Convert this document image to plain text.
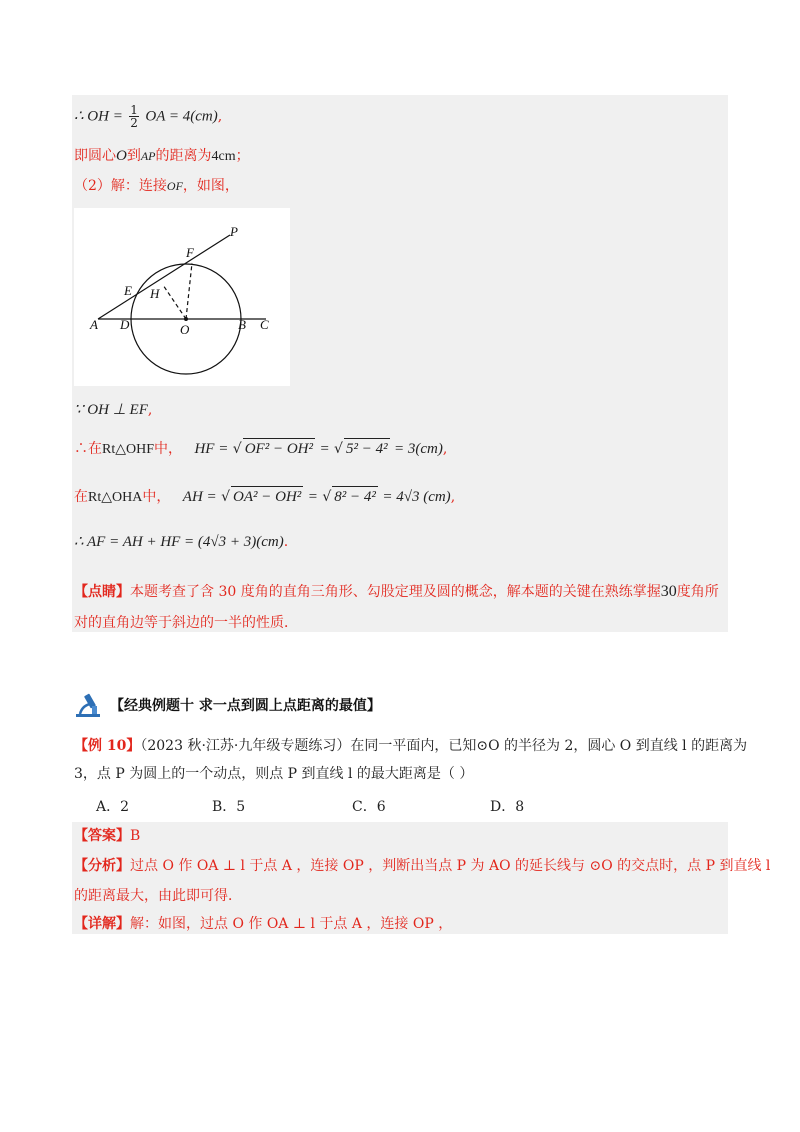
∴ OH = $\frac{1}{2}$ OA = 4(cm),
即圆心O到AP的距离为4cm；
（2）解：连接OF，如图，
P
F
E H
A D	O	B C
∵ OH ⊥ EF,
∴在Rt△OHF中， HF = √ OF² − OH² = √ 5² − 4² = 3(cm),
在Rt△OHA中， AH = √ OA² − OH² = √ 8² − 4² = 4√3 (cm),
∴ AF = AH + HF = (4√3 + 3)(cm).
【点睛】本题考查了含 30 度角的直角三角形、勾股定理及圆的概念，解本题的关键在熟练掌握30度角所
对的直角边等于斜边的一半的性质．
【经典例题十 求一点到圆上点距离的最值】
【例 10】（2023 秋·江苏·九年级专题练习）在同一平面内，已知⊙O 的半径为 2，圆心 O 到直线 l 的距离为
3，点 P 为圆上的一个动点，则点 P 到直线 l 的最大距离是（ ）
A．2	B．5	C．6	D．8
【答案】B
【分析】过点 O 作 OA ⊥ l 于点 A ，连接 OP ，判断出当点 P 为 AO 的延长线与 ⊙O 的交点时，点 P 到直线 l
的距离最大，由此即可得．
【详解】解：如图，过点 O 作 OA ⊥ l 于点 A ，连接 OP ，
